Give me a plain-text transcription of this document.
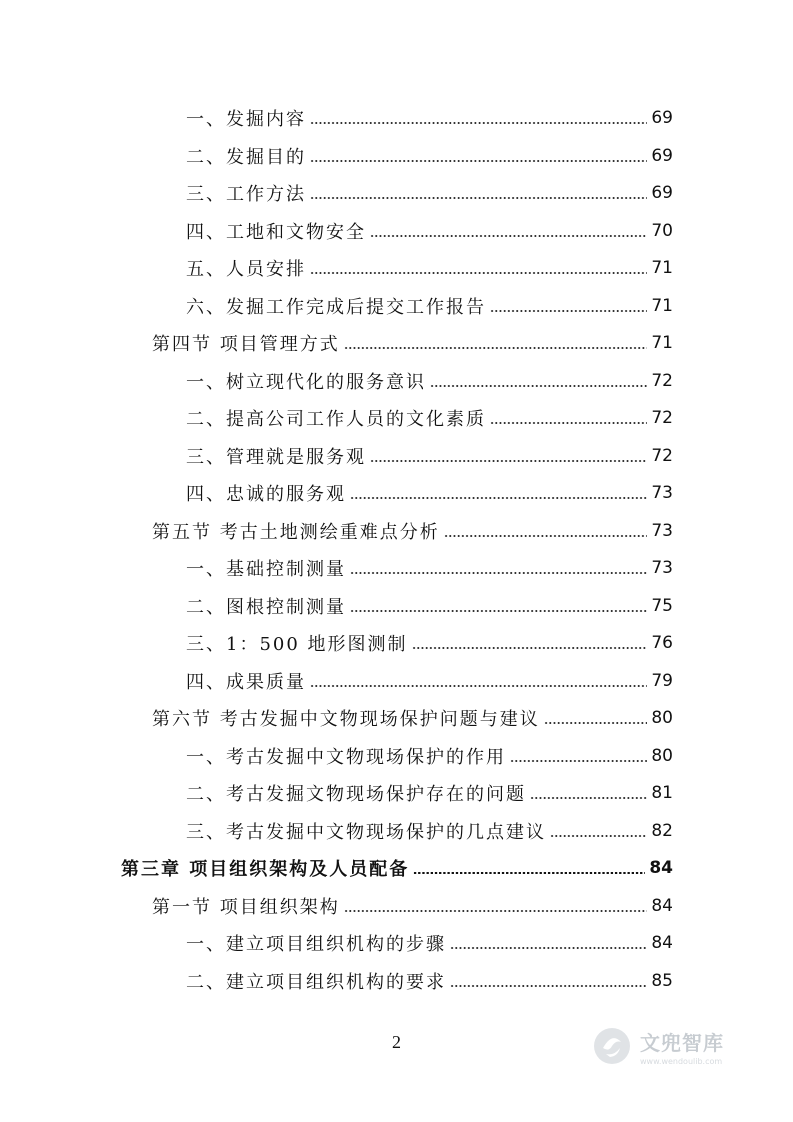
一、发掘内容	69
二、发掘目的	69
三、工作方法	69
四、工地和文物安全	70
五、人员安排	71
六、发掘工作完成后提交工作报告	71
第四节 项目管理方式	71
一、树立现代化的服务意识	72
二、提高公司工作人员的文化素质	72
三、管理就是服务观	72
四、忠诚的服务观	73
第五节 考古土地测绘重难点分析	73
一、基础控制测量	73
二、图根控制测量	75
三、1：500 地形图测制	76
四、成果质量	79
第六节 考古发掘中文物现场保护问题与建议	80
一、考古发掘中文物现场保护的作用	80
二、考古发掘文物现场保护存在的问题	81
三、考古发掘中文物现场保护的几点建议	82
第三章 项目组织架构及人员配备	84
第一节 项目组织架构	84
一、建立项目组织机构的步骤	84
二、建立项目组织机构的要求	85
2	文兜智库
www.wendoulib.com
